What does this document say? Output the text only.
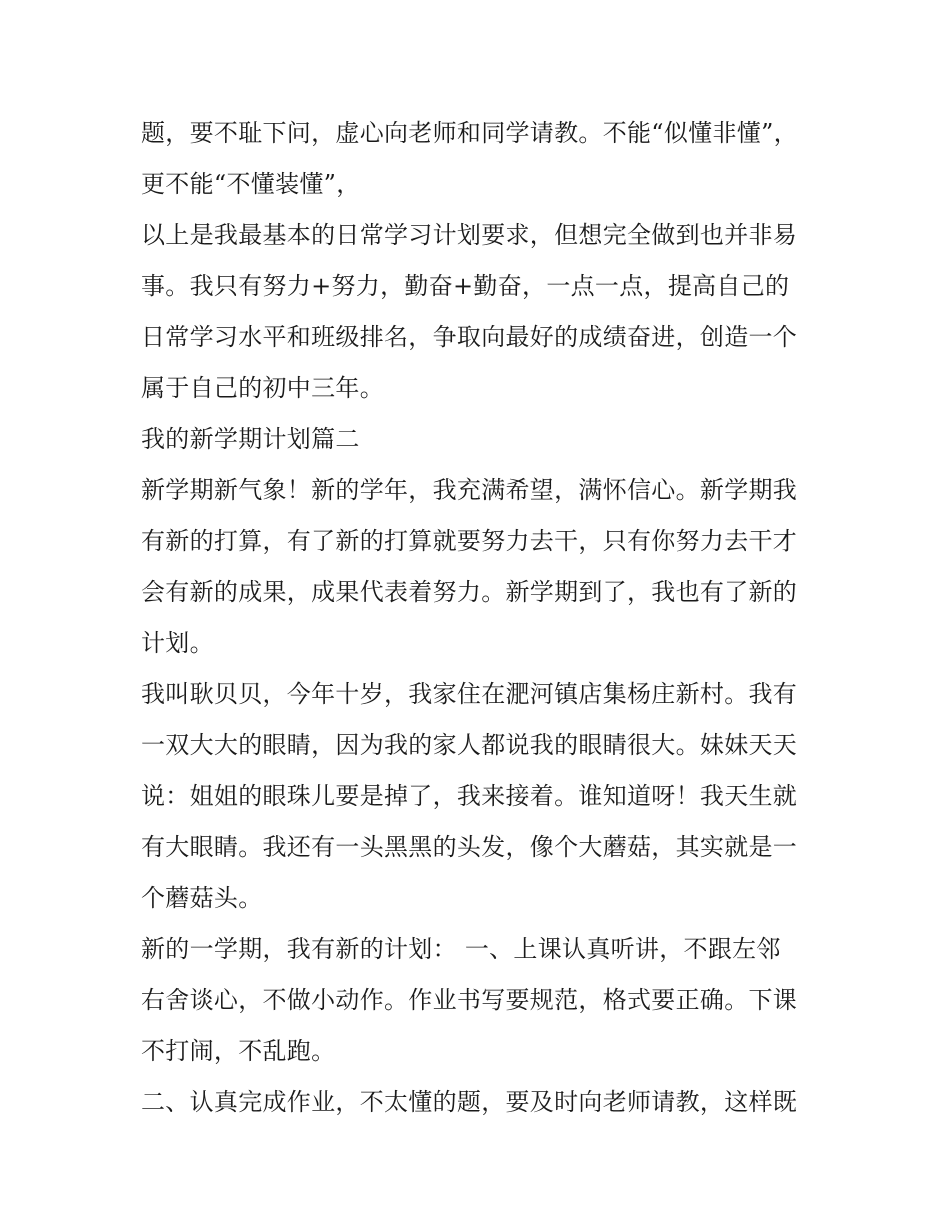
题，要不耻下问，虚心向老师和同学请教。不能“似懂非懂”，
更不能“不懂装懂”，
以上是我最基本的日常学习计划要求，但想完全做到也并非易
事。我只有努力+努力，勤奋+勤奋，一点一点，提高自己的
日常学习水平和班级排名，争取向最好的成绩奋进，创造一个
属于自己的初中三年。
我的新学期计划篇二
新学期新气象！新的学年，我充满希望，满怀信心。新学期我
有新的打算，有了新的打算就要努力去干，只有你努力去干才
会有新的成果，成果代表着努力。新学期到了，我也有了新的
计划。
我叫耿贝贝，今年十岁，我家住在淝河镇店集杨庄新村。我有
一双大大的眼睛，因为我的家人都说我的眼睛很大。妹妹天天
说：姐姐的眼珠儿要是掉了，我来接着。谁知道呀！我天生就
有大眼睛。我还有一头黑黑的头发，像个大蘑菇，其实就是一
个蘑菇头。
新的一学期，我有新的计划： 一、上课认真听讲，不跟左邻
右舍谈心，不做小动作。作业书写要规范，格式要正确。下课
不打闹，不乱跑。
二、认真完成作业，不太懂的题，要及时向老师请教，这样既
